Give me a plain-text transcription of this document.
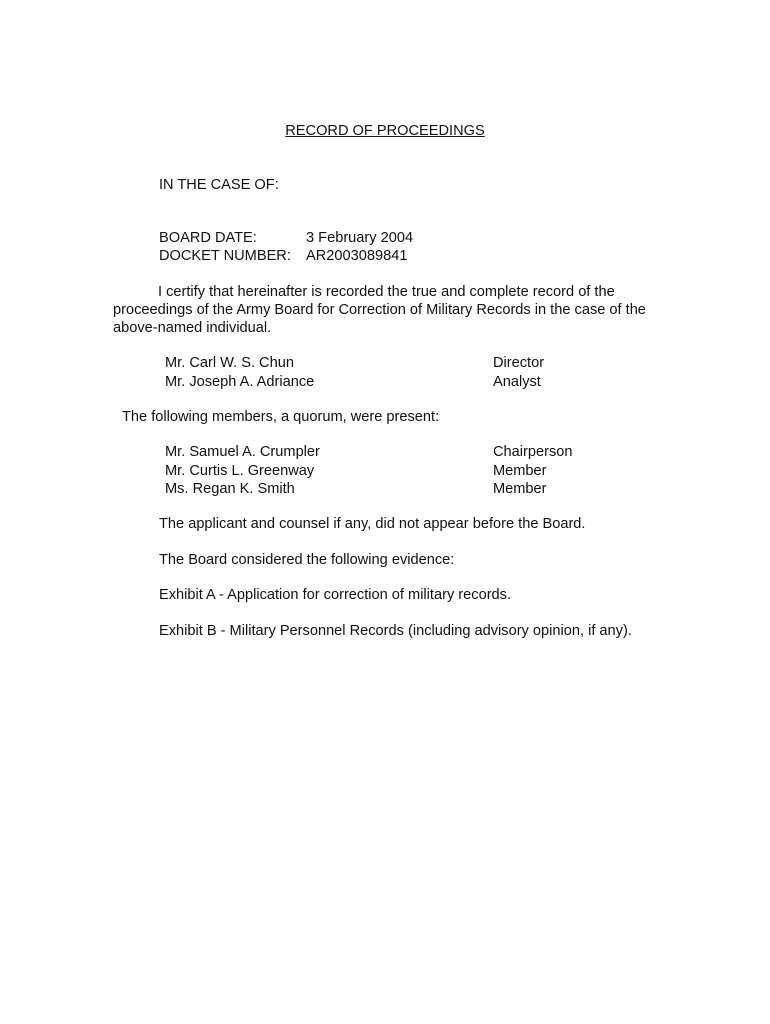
RECORD OF PROCEEDINGS
IN THE CASE OF:
BOARD DATE:	3 February 2004
DOCKET NUMBER: AR2003089841
I certify that hereinafter is recorded the true and complete record of the proceedings of the Army Board for Correction of Military Records in the case of the above-named individual.
Mr. Carl W. S. Chun	Director
Mr. Joseph A. Adriance	Analyst
The following members, a quorum, were present:
Mr. Samuel A. Crumpler	Chairperson
Mr. Curtis L. Greenway	Member
Ms. Regan K. Smith	Member
The applicant and counsel if any, did not appear before the Board.
The Board considered the following evidence:
Exhibit A - Application for correction of military records.
Exhibit B - Military Personnel Records (including advisory opinion, if any).
